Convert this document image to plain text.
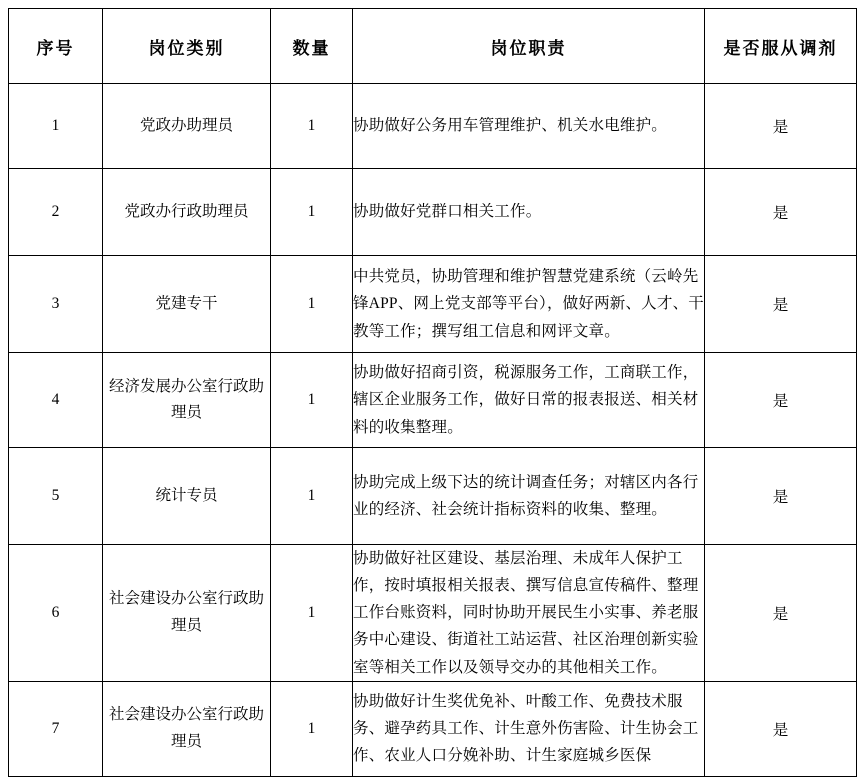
序号	岗位类别	数量	岗位职责	是否服从调剂
1	党政办助理员	1	协助做好公务用车管理维护、机关水电维护。	是
2	党政办行政助理员	1	协助做好党群口相关工作。	是
3	党建专干	1	中共党员，协助管理和维护智慧党建系统（云岭先锋APP、网上党支部等平台），做好两新、人才、干教等工作；撰写组工信息和网评文章。	是
4	经济发展办公室行政助理员	1	协助做好招商引资，税源服务工作，工商联工作，辖区企业服务工作，做好日常的报表报送、相关材料的收集整理。	是
5	统计专员	1	协助完成上级下达的统计调查任务；对辖区内各行业的经济、社会统计指标资料的收集、整理。	是
6	社会建设办公室行政助理员	1	协助做好社区建设、基层治理、未成年人保护工作，按时填报相关报表、撰写信息宣传稿件、整理工作台账资料，同时协助开展民生小实事、养老服务中心建设、街道社工站运营、社区治理创新实验室等相关工作以及领导交办的其他相关工作。	是
7	社会建设办公室行政助理员	1	协助做好计生奖优免补、叶酸工作、免费技术服务、避孕药具工作、计生意外伤害险、计生协会工作、农业人口分娩补助、计生家庭城乡医保	是
